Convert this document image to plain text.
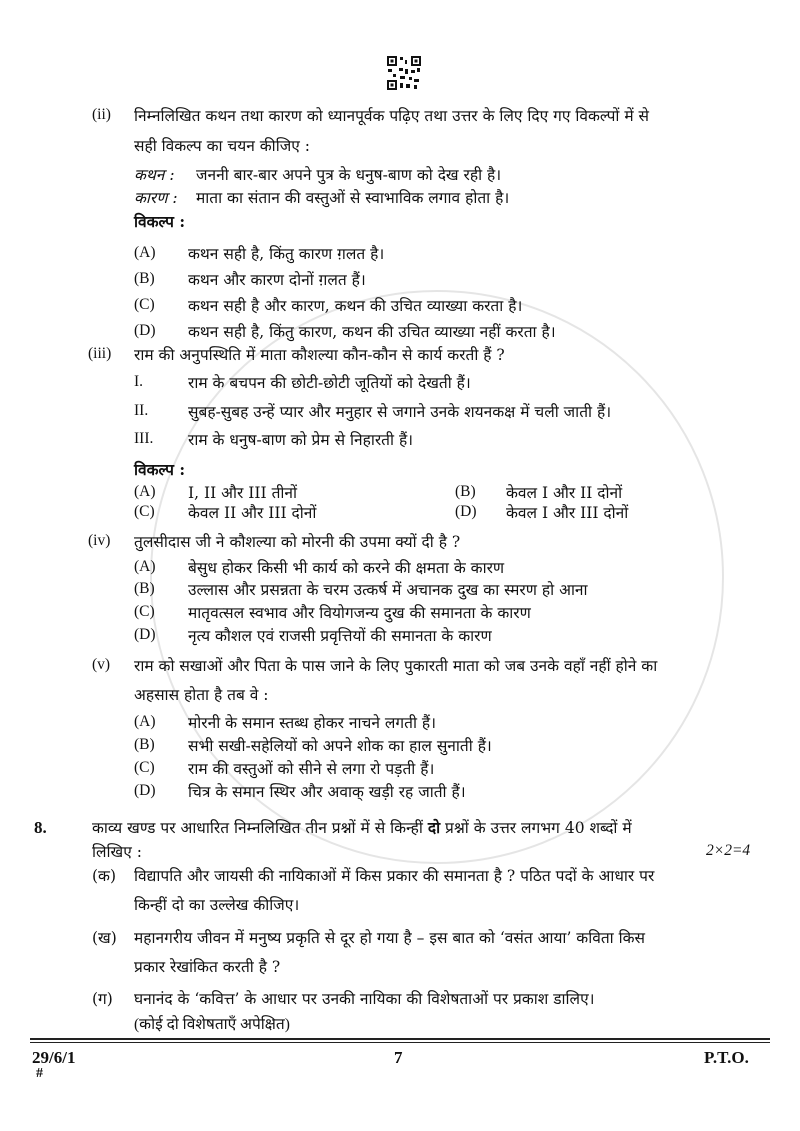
(ii) निम्नलिखित कथन तथा कारण को ध्यानपूर्वक पढ़िए तथा उत्तर के लिए दिए गए विकल्पों में से
सही विकल्प का चयन कीजिए :
कथन : जननी बार-बार अपने पुत्र के धनुष-बाण को देख रही है।
कारण : माता का संतान की वस्तुओं से स्वाभाविक लगाव होता है।
विकल्प :
(A) कथन सही है, किंतु कारण ग़लत है।
(B) कथन और कारण दोनों ग़लत हैं।
(C) कथन सही है और कारण, कथन की उचित व्याख्या करता है।
(D) कथन सही है, किंतु कारण, कथन की उचित व्याख्या नहीं करता है।
(iii) राम की अनुपस्थिति में माता कौशल्या कौन-कौन से कार्य करती हैं ?
I.	राम के बचपन की छोटी-छोटी जूतियों को देखती हैं।
II.	सुबह-सुबह उन्हें प्यार और मनुहार से जगाने उनके शयनकक्ष में चली जाती हैं।
III. राम के धनुष-बाण को प्रेम से निहारती हैं।
विकल्प :
(A) I, II और III तीनों	(B) केवल I और II दोनों
(C) केवल II और III दोनों	(D) केवल I और III दोनों
(iv) तुलसीदास जी ने कौशल्या को मोरनी की उपमा क्यों दी है ?
(A) बेसुध होकर किसी भी कार्य को करने की क्षमता के कारण
(B) उल्लास और प्रसन्नता के चरम उत्कर्ष में अचानक दुख का स्मरण हो आना
(C) मातृवत्सल स्वभाव और वियोगजन्य दुख की समानता के कारण
(D) नृत्य कौशल एवं राजसी प्रवृत्तियों की समानता के कारण
(v) राम को सखाओं और पिता के पास जाने के लिए पुकारती माता को जब उनके वहाँ नहीं होने का
अहसास होता है तब वे :
(A) मोरनी के समान स्तब्ध होकर नाचने लगती हैं।
(B) सभी सखी-सहेलियों को अपने शोक का हाल सुनाती हैं।
(C) राम की वस्तुओं को सीने से लगा रो पड़ती हैं।
(D) चित्र के समान स्थिर और अवाक् खड़ी रह जाती हैं।
8.	काव्य खण्ड पर आधारित निम्नलिखित तीन प्रश्नों में से किन्हीं दो प्रश्नों के उत्तर लगभग 40 शब्दों में
लिखिए :	2×2=4
(क) विद्यापति और जायसी की नायिकाओं में किस प्रकार की समानता है ? पठित पदों के आधार पर
किन्हीं दो का उल्लेख कीजिए।
(ख) महानगरीय जीवन में मनुष्य प्रकृति से दूर हो गया है – इस बात को ‘वसंत आया’ कविता किस
प्रकार रेखांकित करती है ?
(ग) घनानंद के ‘कवित्त’ के आधार पर उनकी नायिका की विशेषताओं पर प्रकाश डालिए।
(कोई दो विशेषताएँ अपेक्षित)
29/6/1
#
7	P.T.O.
